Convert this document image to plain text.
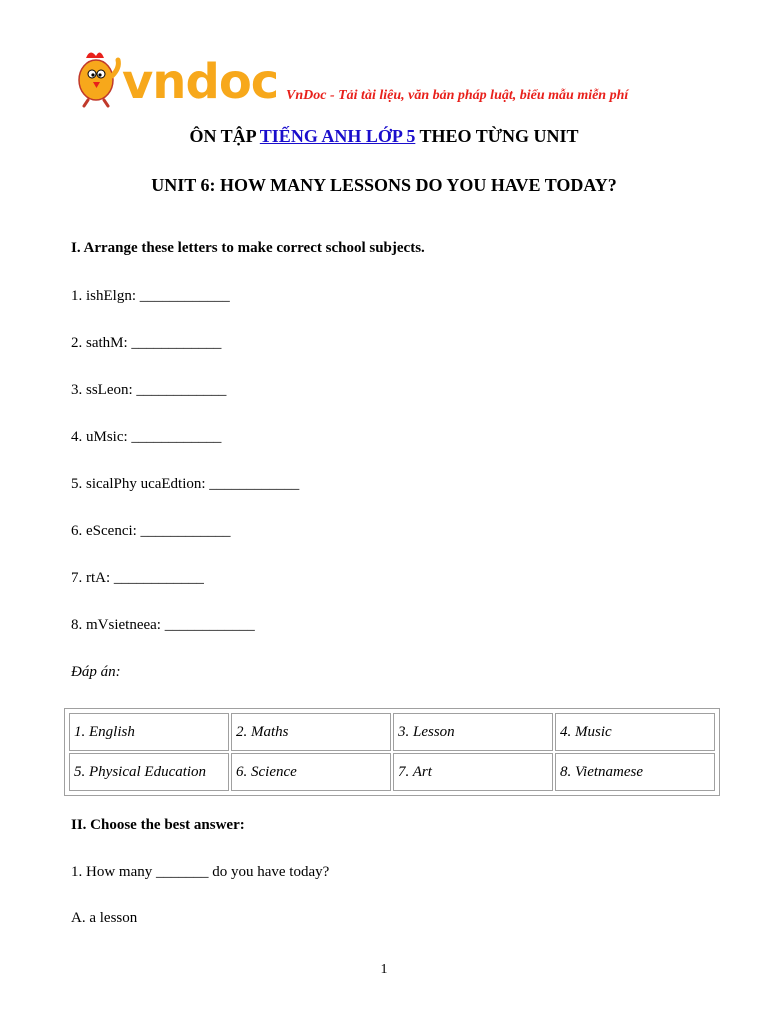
vndoc VnDoc - Tải tài liệu, văn bản pháp luật, biểu mẫu miễn phí
ÔN TẬP TIẾNG ANH LỚP 5 THEO TỪNG UNIT
UNIT 6: HOW MANY LESSONS DO YOU HAVE TODAY?
I. Arrange these letters to make correct school subjects.
1. ishElgn: ____________
2. sathM: ____________
3. ssLeon: ____________
4. uMsic: ____________
5. sicalPhy ucaEdtion: ____________
6. eScenci: ____________
7. rtA: ____________
8. mVsietneea: ____________
Đáp án:
1. English	2. Maths	3. Lesson	4. Music
5. Physical Education	6. Science	7. Art	8. Vietnamese
II. Choose the best answer:
1. How many _______ do you have today?
A. a lesson
1
